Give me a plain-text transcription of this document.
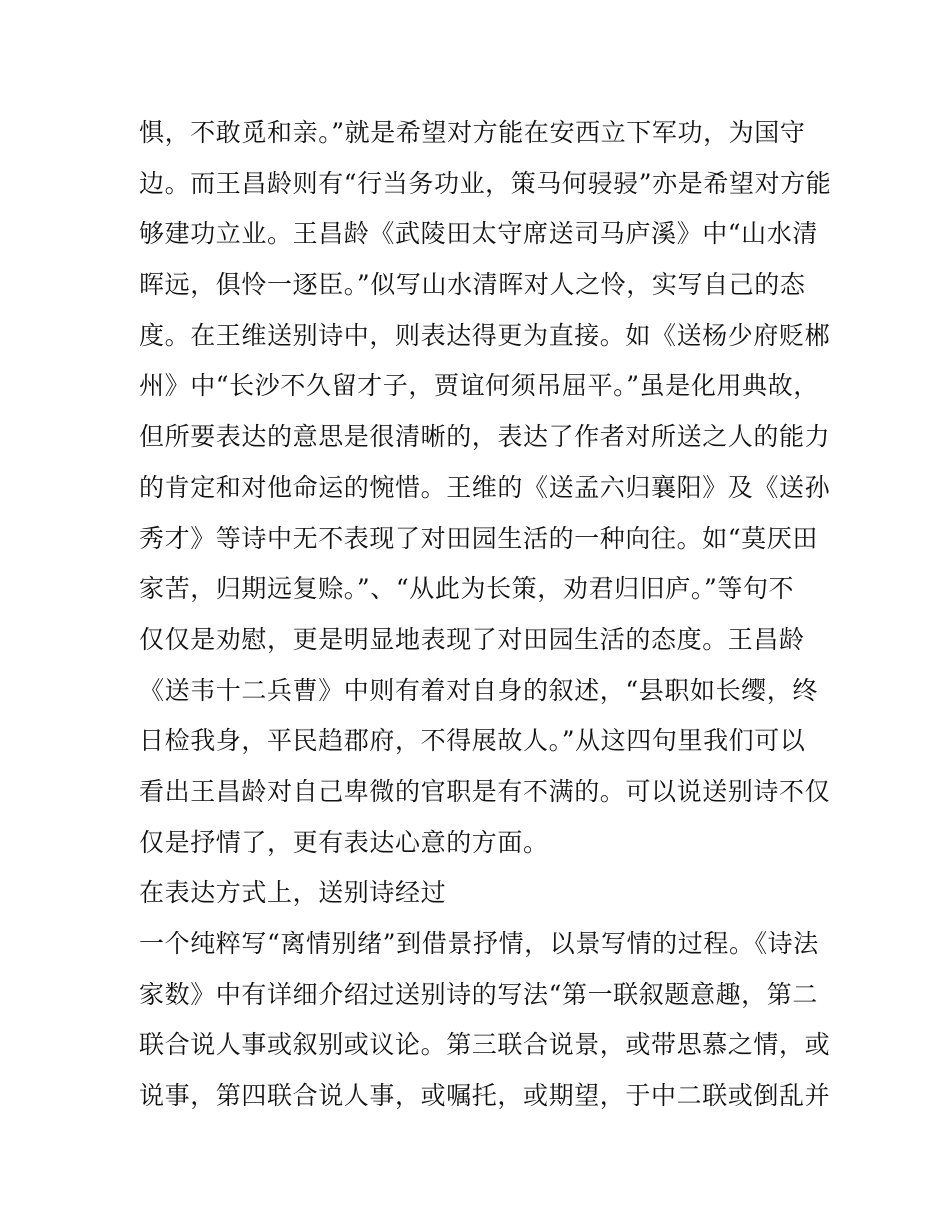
惧，不敢觅和亲。”就是希望对方能在安西立下军功，为国守
边。而王昌龄则有“行当务功业，策马何骎骎”亦是希望对方能
够建功立业。王昌龄《武陵田太守席送司马庐溪》中“山水清
晖远，俱怜一逐臣。”似写山水清晖对人之怜，实写自己的态
度。在王维送别诗中，则表达得更为直接。如《送杨少府贬郴
州》中“长沙不久留才子，贾谊何须吊屈平。”虽是化用典故，
但所要表达的意思是很清晰的，表达了作者对所送之人的能力
的肯定和对他命运的惋惜。王维的《送孟六归襄阳》及《送孙
秀才》等诗中无不表现了对田园生活的一种向往。如“莫厌田
家苦，归期远复赊。”、“从此为长策，劝君归旧庐。”等句不
仅仅是劝慰，更是明显地表现了对田园生活的态度。王昌龄
《送韦十二兵曹》中则有着对自身的叙述，“县职如长缨，终
日检我身，平民趋郡府，不得展故人。”从这四句里我们可以
看出王昌龄对自己卑微的官职是有不满的。可以说送别诗不仅
仅是抒情了，更有表达心意的方面。
在表达方式上，送别诗经过
一个纯粹写“离情别绪”到借景抒情，以景写情的过程。《诗法
家数》中有详细介绍过送别诗的写法“第一联叙题意趣，第二
联合说人事或叙别或议论。第三联合说景，或带思慕之情，或
说事，第四联合说人事，或嘱托，或期望，于中二联或倒乱并
